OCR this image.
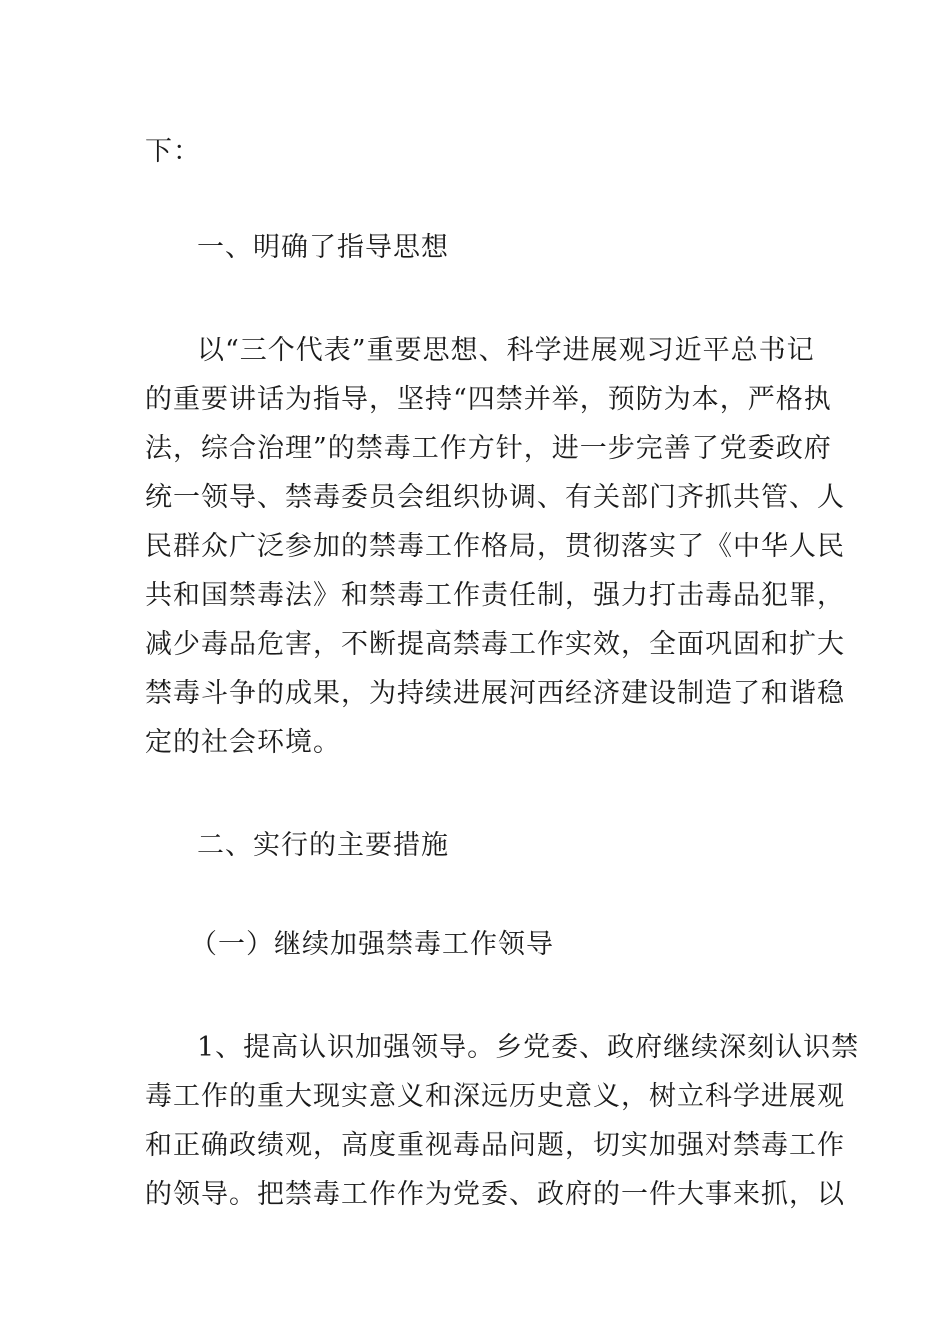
下：
一、明确了指导思想
以“三个代表”重要思想、科学进展观习近平总书记
的重要讲话为指导，坚持“四禁并举，预防为本，严格执
法，综合治理”的禁毒工作方针，进一步完善了党委政府
统一领导、禁毒委员会组织协调、有关部门齐抓共管、人
民群众广泛参加的禁毒工作格局，贯彻落实了《中华人民
共和国禁毒法》和禁毒工作责任制，强力打击毒品犯罪，
减少毒品危害，不断提高禁毒工作实效，全面巩固和扩大
禁毒斗争的成果，为持续进展河西经济建设制造了和谐稳
定的社会环境。
二、实行的主要措施
（一）继续加强禁毒工作领导
1、提高认识加强领导。乡党委、政府继续深刻认识禁
毒工作的重大现实意义和深远历史意义，树立科学进展观
和正确政绩观，高度重视毒品问题，切实加强对禁毒工作
的领导。把禁毒工作作为党委、政府的一件大事来抓，以
